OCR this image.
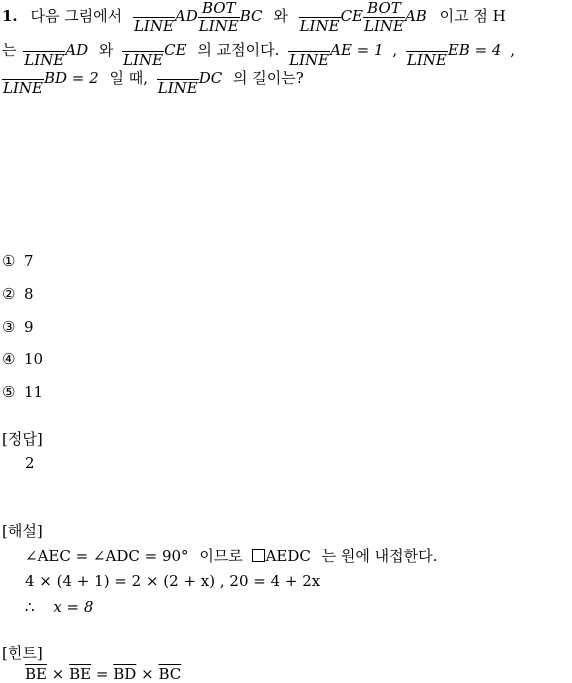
1. 다음 그림에서

LINE
AD $\frac{\text{BOT}}{\text{LINE}}$ BC 와

LINE
CE $\frac{\text{BOT}}{\text{LINE}}$ AB 이고 점 H
는

LINE
AD 와

LINE
CE 의 교점이다.

LINE
AE = 1 ,

LINE
EB = 4 ,

LINE
BD = 2 일 때,

LINE
DC 의 길이는?
① 7
② 8
③ 9
④ 10
⑤ 11
[정답]
2
[해설]
∠AEC = ∠ADC = 90° 이므로 AEDC 는 원에 내접한다.
4 × (4 + 1) = 2 × (2 + x) , 20 = 4 + 2x
∴ x = 8
[힌트]
$\overline{BE} \times \overline{BE} = \overline{BD} \times \overline{BC}$
